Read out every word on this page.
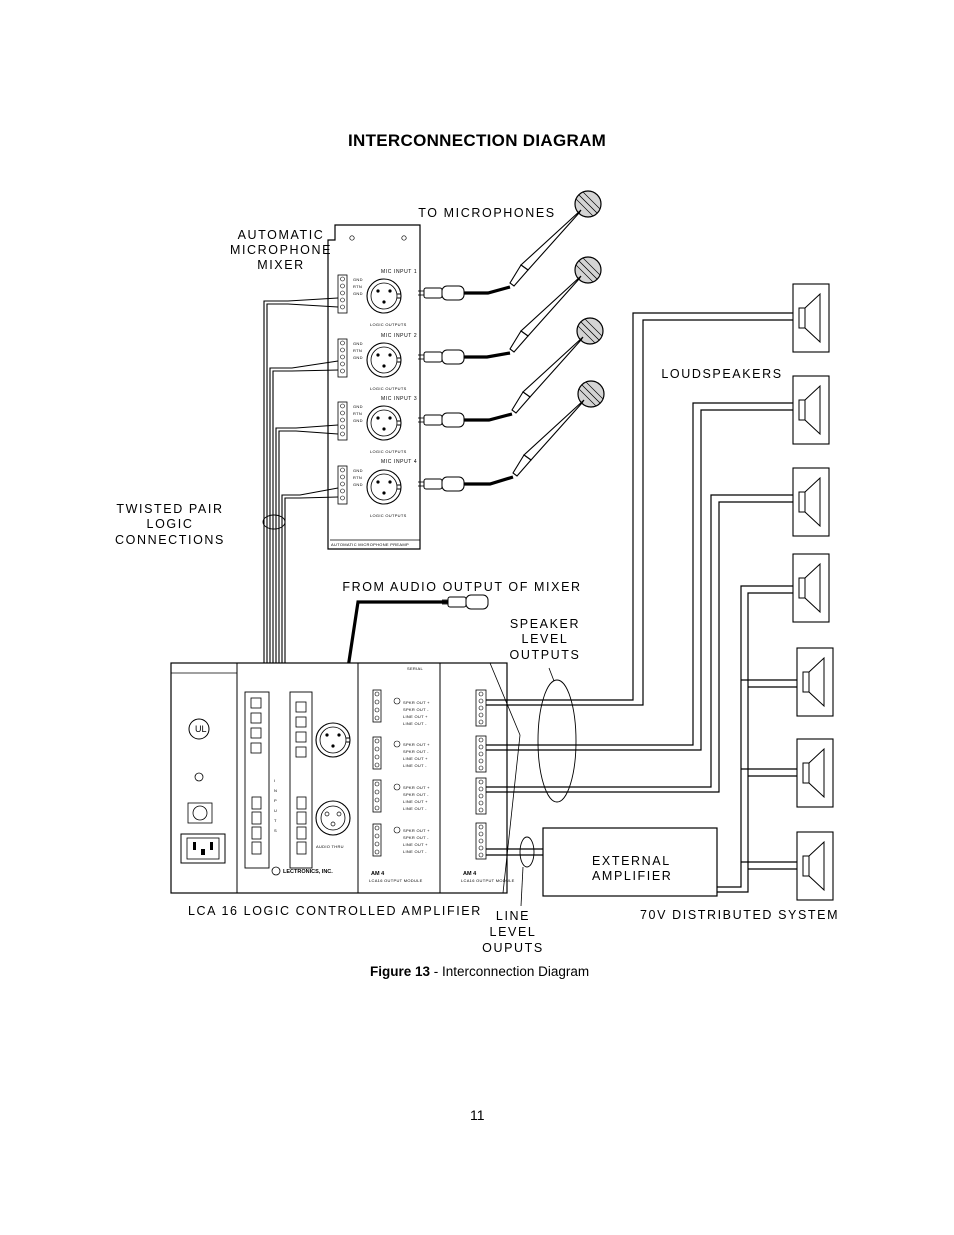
INTERCONNECTION DIAGRAM
GND
RTN
GND
MIC INPUT 1
LOGIC OUTPUTS
GND
RTN
GND
MIC INPUT 2
LOGIC OUTPUTS
GND
RTN
GND
MIC INPUT 3
LOGIC OUTPUTS
GND
RTN
GND
MIC INPUT 4
LOGIC OUTPUTS
AUTOMATIC MICROPHONE PREAMP
UL
I
N
P
U
T
S
AUDIO THRU
LECTRONICS, INC.
SERIAL
SPKR OUT +
SPKR OUT -
LINE OUT +
LINE OUT -
SPKR OUT +
SPKR OUT -
LINE OUT +
LINE OUT -
SPKR OUT +
SPKR OUT -
LINE OUT +
LINE OUT -
SPKR OUT +
SPKR OUT -
LINE OUT +
LINE OUT -
AM 4
LCA16 OUTPUT MODULE
AM 4
LCA16 OUTPUT MODULE
AUTOMATIC
MICROPHONE
MIXER
TO MICROPHONES
LOUDSPEAKERS
TWISTED PAIR
LOGIC
CONNECTIONS
FROM AUDIO OUTPUT OF MIXER
SPEAKER
LEVEL
OUTPUTS
EXTERNAL
AMPLIFIER
LCA 16 LOGIC CONTROLLED AMPLIFIER LINE
LEVEL
OUPUTS
70V DISTRIBUTED SYSTEM
Figure 13 - Interconnection Diagram
11
